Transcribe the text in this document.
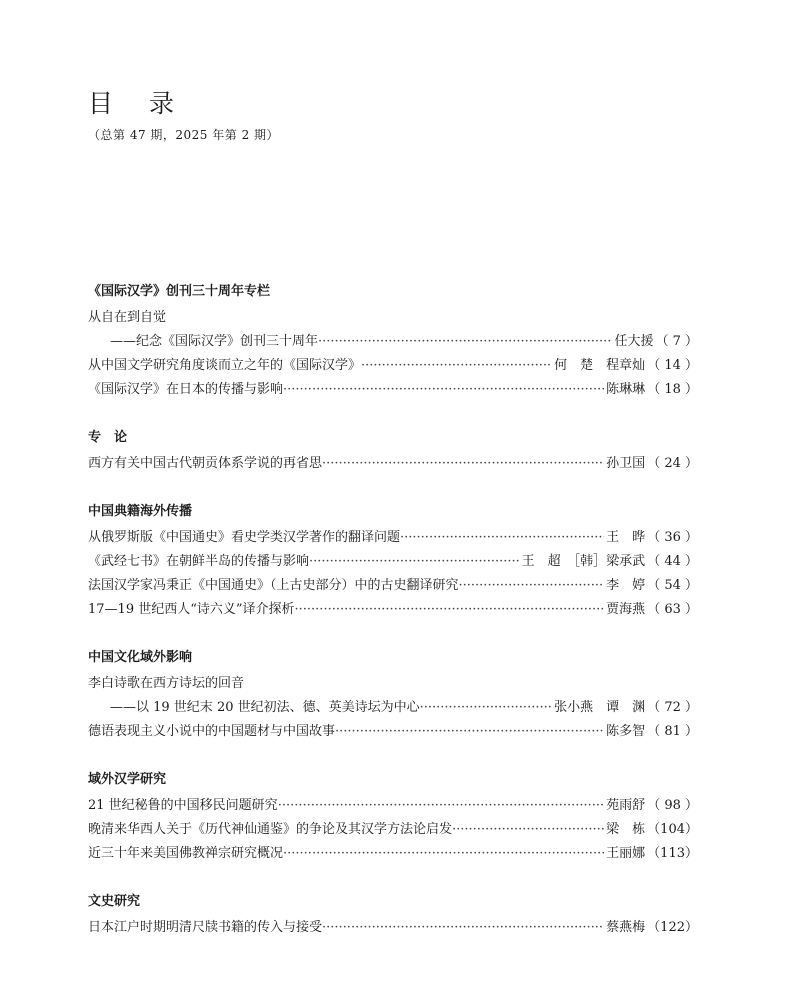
目 录
（总第 47 期，2025 年第 2 期）
《国际汉学》创刊三十周年专栏
从自在到自觉
——纪念《国际汉学》创刊三十周年 ·····	任大援 （ 7 ）
从中国文学研究角度谈而立之年的《国际汉学》 ·····	何　楚　程章灿 （ 14 ）
《国际汉学》在日本的传播与影响 ·····	陈琳琳 （ 18 ）
专　论
西方有关中国古代朝贡体系学说的再省思 ·····	孙卫国 （ 24 ）
中国典籍海外传播
从俄罗斯版《中国通史》看史学类汉学著作的翻译问题 ·····	王　晔 （ 36 ）
《武经七书》在朝鲜半岛的传播与影响 ·····	王　超　［韩］梁承武 （ 44 ）
法国汉学家冯秉正《中国通史》（上古史部分）中的古史翻译研究 ·····	李　婷 （ 54 ）
17—19 世纪西人“诗六义”译介探析 ·····	贾海燕 （ 63 ）
中国文化域外影响
李白诗歌在西方诗坛的回音
——以 19 世纪末 20 世纪初法、德、英美诗坛为中心 ·····	张小燕　谭　渊 （ 72 ）
德语表现主义小说中的中国题材与中国故事 ·····	陈多智 （ 81 ）
域外汉学研究
21 世纪秘鲁的中国移民问题研究 ·····	苑雨舒 （ 98 ）
晚清来华西人关于《历代神仙通鉴》的争论及其汉学方法论启发 ·····	梁　栋 （104）
近三十年来美国佛教禅宗研究概况 ·····	王丽娜 （113）
文史研究
日本江户时期明清尺牍书籍的传入与接受 ·····	蔡燕梅 （122）
